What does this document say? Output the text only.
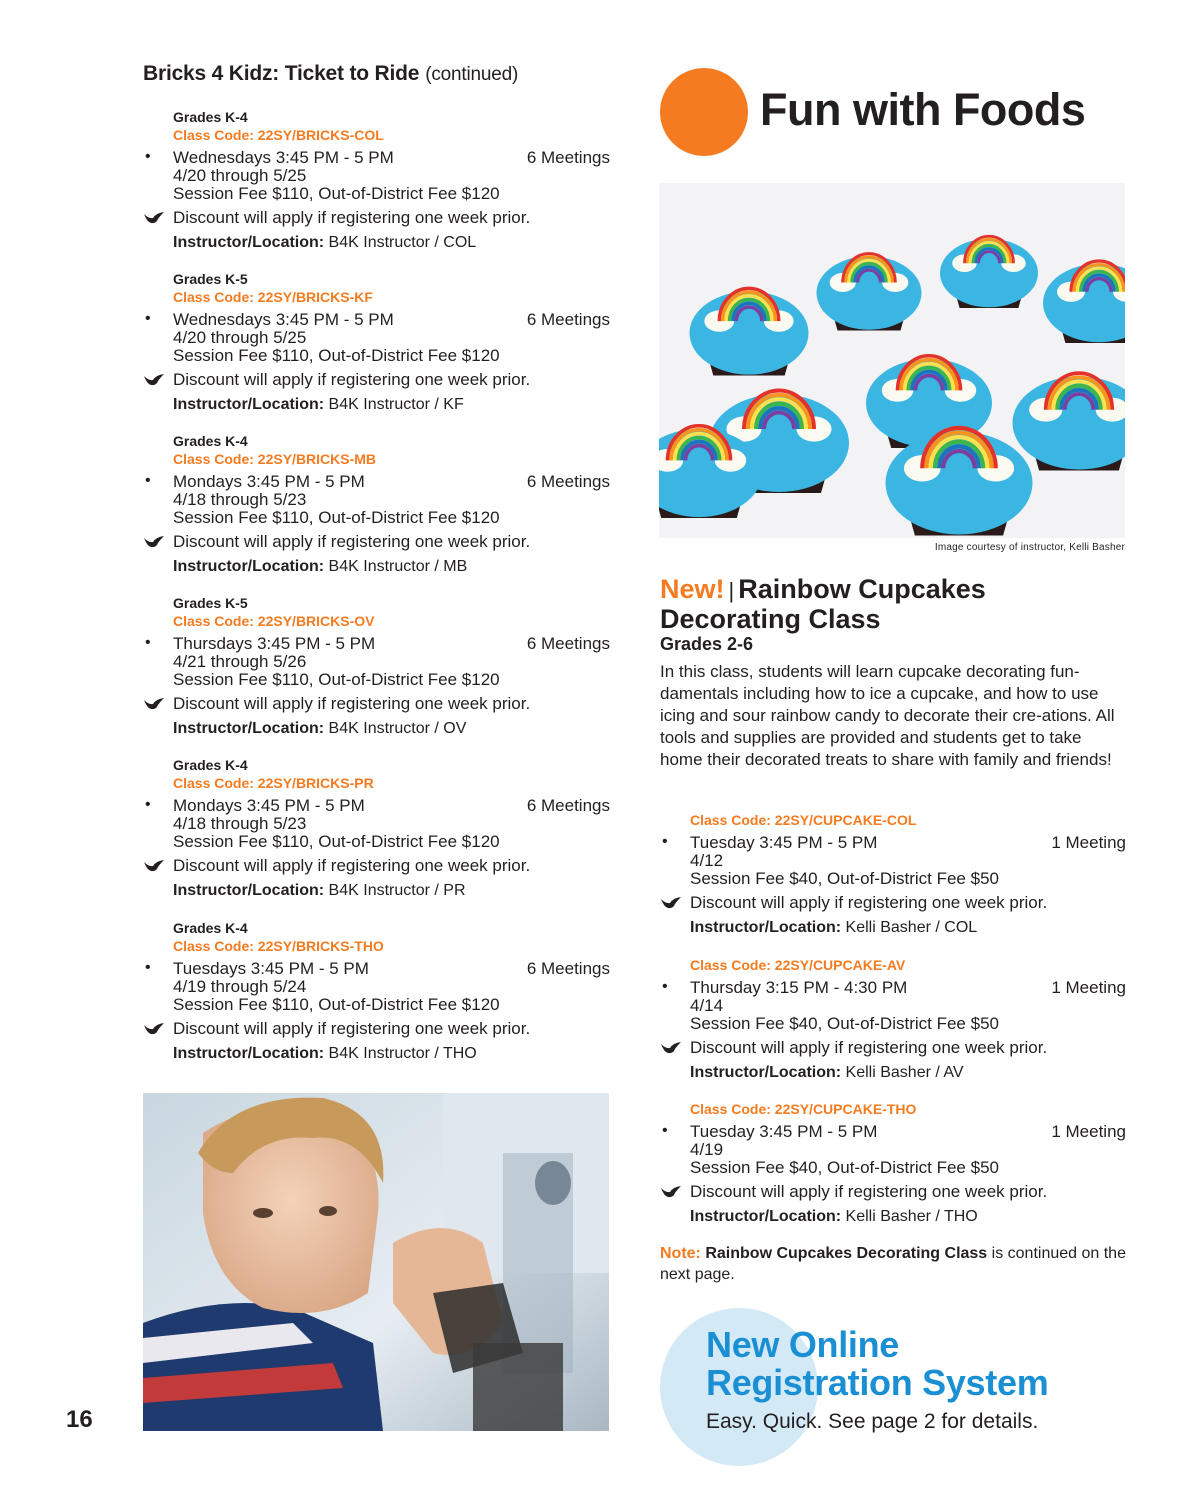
Bricks 4 Kidz: Ticket to Ride (continued)
Grades K-4
Class Code: 22SY/BRICKS-COL
• Wednesdays 3:45 PM - 5 PM	6 Meetings
4/20 through 5/25
Session Fee $110, Out-of-District Fee $120
Discount will apply if registering one week prior.
Instructor/Location: B4K Instructor / COL
Grades K-5
Class Code: 22SY/BRICKS-KF
• Wednesdays 3:45 PM - 5 PM	6 Meetings
4/20 through 5/25
Session Fee $110, Out-of-District Fee $120
Discount will apply if registering one week prior.
Instructor/Location: B4K Instructor / KF
Grades K-4
Class Code: 22SY/BRICKS-MB
• Mondays 3:45 PM - 5 PM	6 Meetings
4/18 through 5/23
Session Fee $110, Out-of-District Fee $120
Discount will apply if registering one week prior.
Instructor/Location: B4K Instructor / MB
Grades K-5
Class Code: 22SY/BRICKS-OV
• Thursdays 3:45 PM - 5 PM	6 Meetings
4/21 through 5/26
Session Fee $110, Out-of-District Fee $120
Discount will apply if registering one week prior.
Instructor/Location: B4K Instructor / OV
Grades K-4
Class Code: 22SY/BRICKS-PR
• Mondays 3:45 PM - 5 PM	6 Meetings
4/18 through 5/23
Session Fee $110, Out-of-District Fee $120
Discount will apply if registering one week prior.
Instructor/Location: B4K Instructor / PR
Grades K-4
Class Code: 22SY/BRICKS-THO
• Tuesdays 3:45 PM - 5 PM	6 Meetings
4/19 through 5/24
Session Fee $110, Out-of-District Fee $120
Discount will apply if registering one week prior.
Instructor/Location: B4K Instructor / THO
16
Fun with Foods
Image courtesy of instructor, Kelli Basher
New! | Rainbow Cupcakes Decorating Class
Grades 2-6
In this class, students will learn cupcake decorating fun-damentals including how to ice a cupcake, and how to use icing and sour rainbow candy to decorate their cre-ations. All tools and supplies are provided and students get to take home their decorated treats to share with family and friends!
Class Code: 22SY/CUPCAKE-COL
• Tuesday 3:45 PM - 5 PM	1 Meeting
4/12
Session Fee $40, Out-of-District Fee $50
Discount will apply if registering one week prior.
Instructor/Location: Kelli Basher / COL
Class Code: 22SY/CUPCAKE-AV
• Thursday 3:15 PM - 4:30 PM	1 Meeting
4/14
Session Fee $40, Out-of-District Fee $50
Discount will apply if registering one week prior.
Instructor/Location: Kelli Basher / AV
Class Code: 22SY/CUPCAKE-THO
• Tuesday 3:45 PM - 5 PM	1 Meeting
4/19
Session Fee $40, Out-of-District Fee $50
Discount will apply if registering one week prior.
Instructor/Location: Kelli Basher / THO
Note: Rainbow Cupcakes Decorating Class is continued on the next page.
New Online
Registration System
Easy. Quick. See page 2 for details.
